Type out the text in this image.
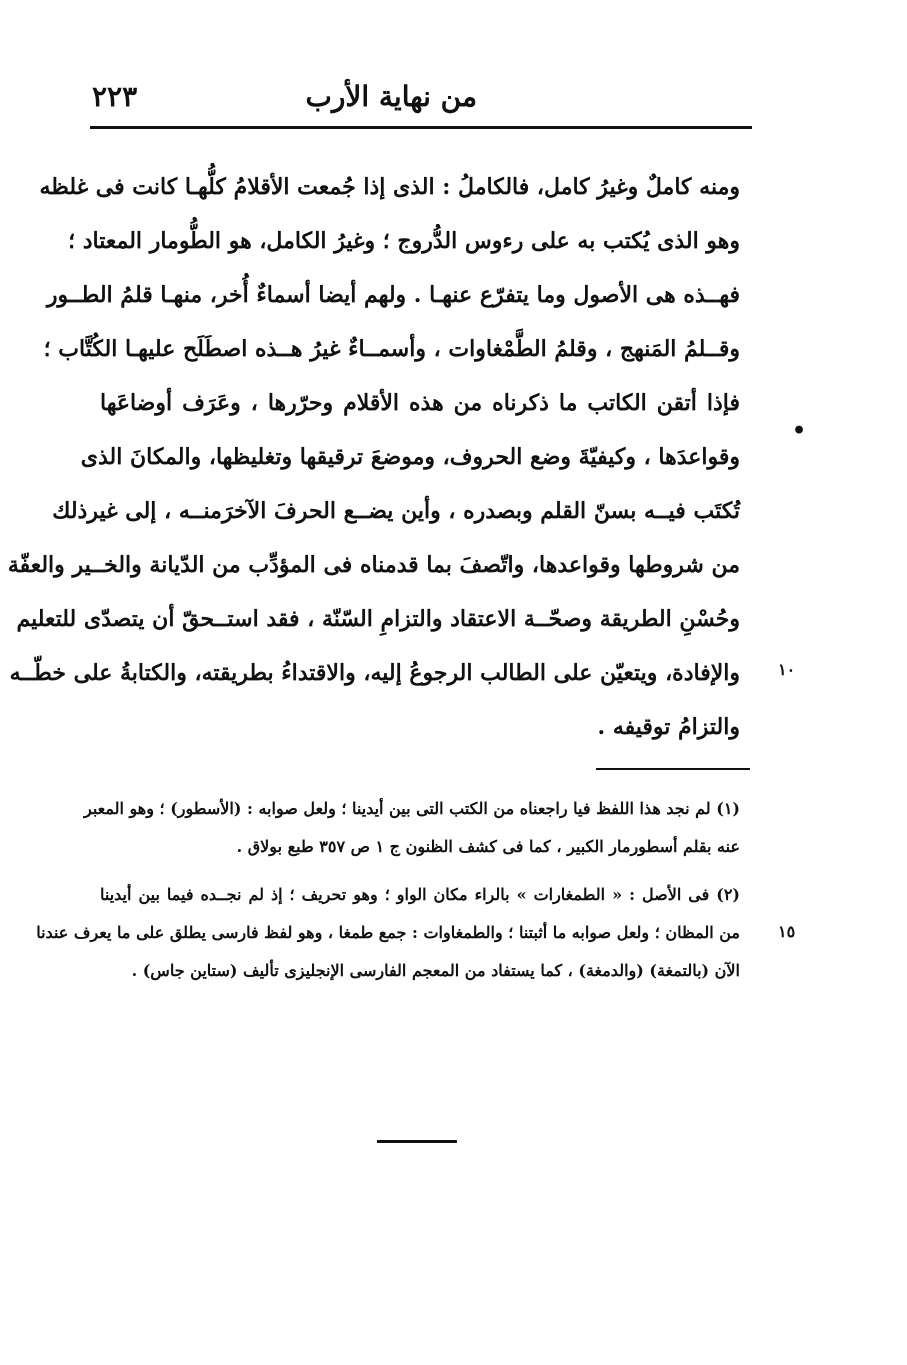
من نهاية الأرب
٢٢٣
ومنه كاملٌ وغيرُ كامل، فالكاملُ : الذى إذا جُمعت الأقلامُ كلُّهـا كانت فى غلظه
وهو الذى يُكتب به على رءوس الدُّروج ؛ وغيرُ الكامل، هو الطُّومار المعتاد ؛
فهــذه هى الأصول وما يتفرّع عنهـا . ولهم أيضا أسماءٌ أُخر، منهـا قلمُ الطــور
وقــلمُ المَنهج ، وقلمُ الطَّمْغاوات ، وأسمــاءٌ غيرُ هــذه اصطَلَح عليهـا الكُتَّاب ؛
فإذا أتقن الكاتب ما ذكرناه من هذه الأقلام وحرّرها ، وعَرَف أوضاعَها
وقواعدَها ، وكيفيّةَ وضع الحروف، وموضعَ ترقيقها وتغليظها، والمكانَ الذى
تُكتَب فيــه بسنّ القلم وبصدره ، وأين يضــع الحرفَ الآخرَمنــه ، إلى غيرذلك
من شروطها وقواعدها، واتّصفَ بما قدمناه فى المؤدِّب من الدّيانة والخــير والعفّة
وحُسْنِ الطريقة وصحّــة الاعتقاد والتزامِ السّنّة ، فقد استــحقّ أن يتصدّى للتعليم
والإفادة، ويتعيّن على الطالب الرجوعُ إليه، والاقتداءُ بطريقته، والكتابةُ على خطّــه
والتزامُ توقيفه .
•
١٠
(١) لم نجد هذا اللفظ فيا راجعناه من الكتب التى بين أيدينا ؛ ولعل صوابه : (الأسطور) ؛ وهو المعبر
عنه بقلم أسطورمار الكبير ، كما فى كشف الظنون ج ١ ص ٣٥٧ طبع بولاق .
(٢) فى الأصل : « الطمغارات » بالراء مكان الواو ؛ وهو تحريف ؛ إذ لم نجــده فيما بين أيدينا
من المظان ؛ ولعل صوابه ما أثبتنا ؛ والطمغاوات : جمع طمغا ، وهو لفظ فارسى يطلق على ما يعرف عندنا
الآن (بالتمغة) (والدمغة) ، كما يستفاد من المعجم الفارسى الإنجليزى تأليف (ستاين جاس) .
١٥
